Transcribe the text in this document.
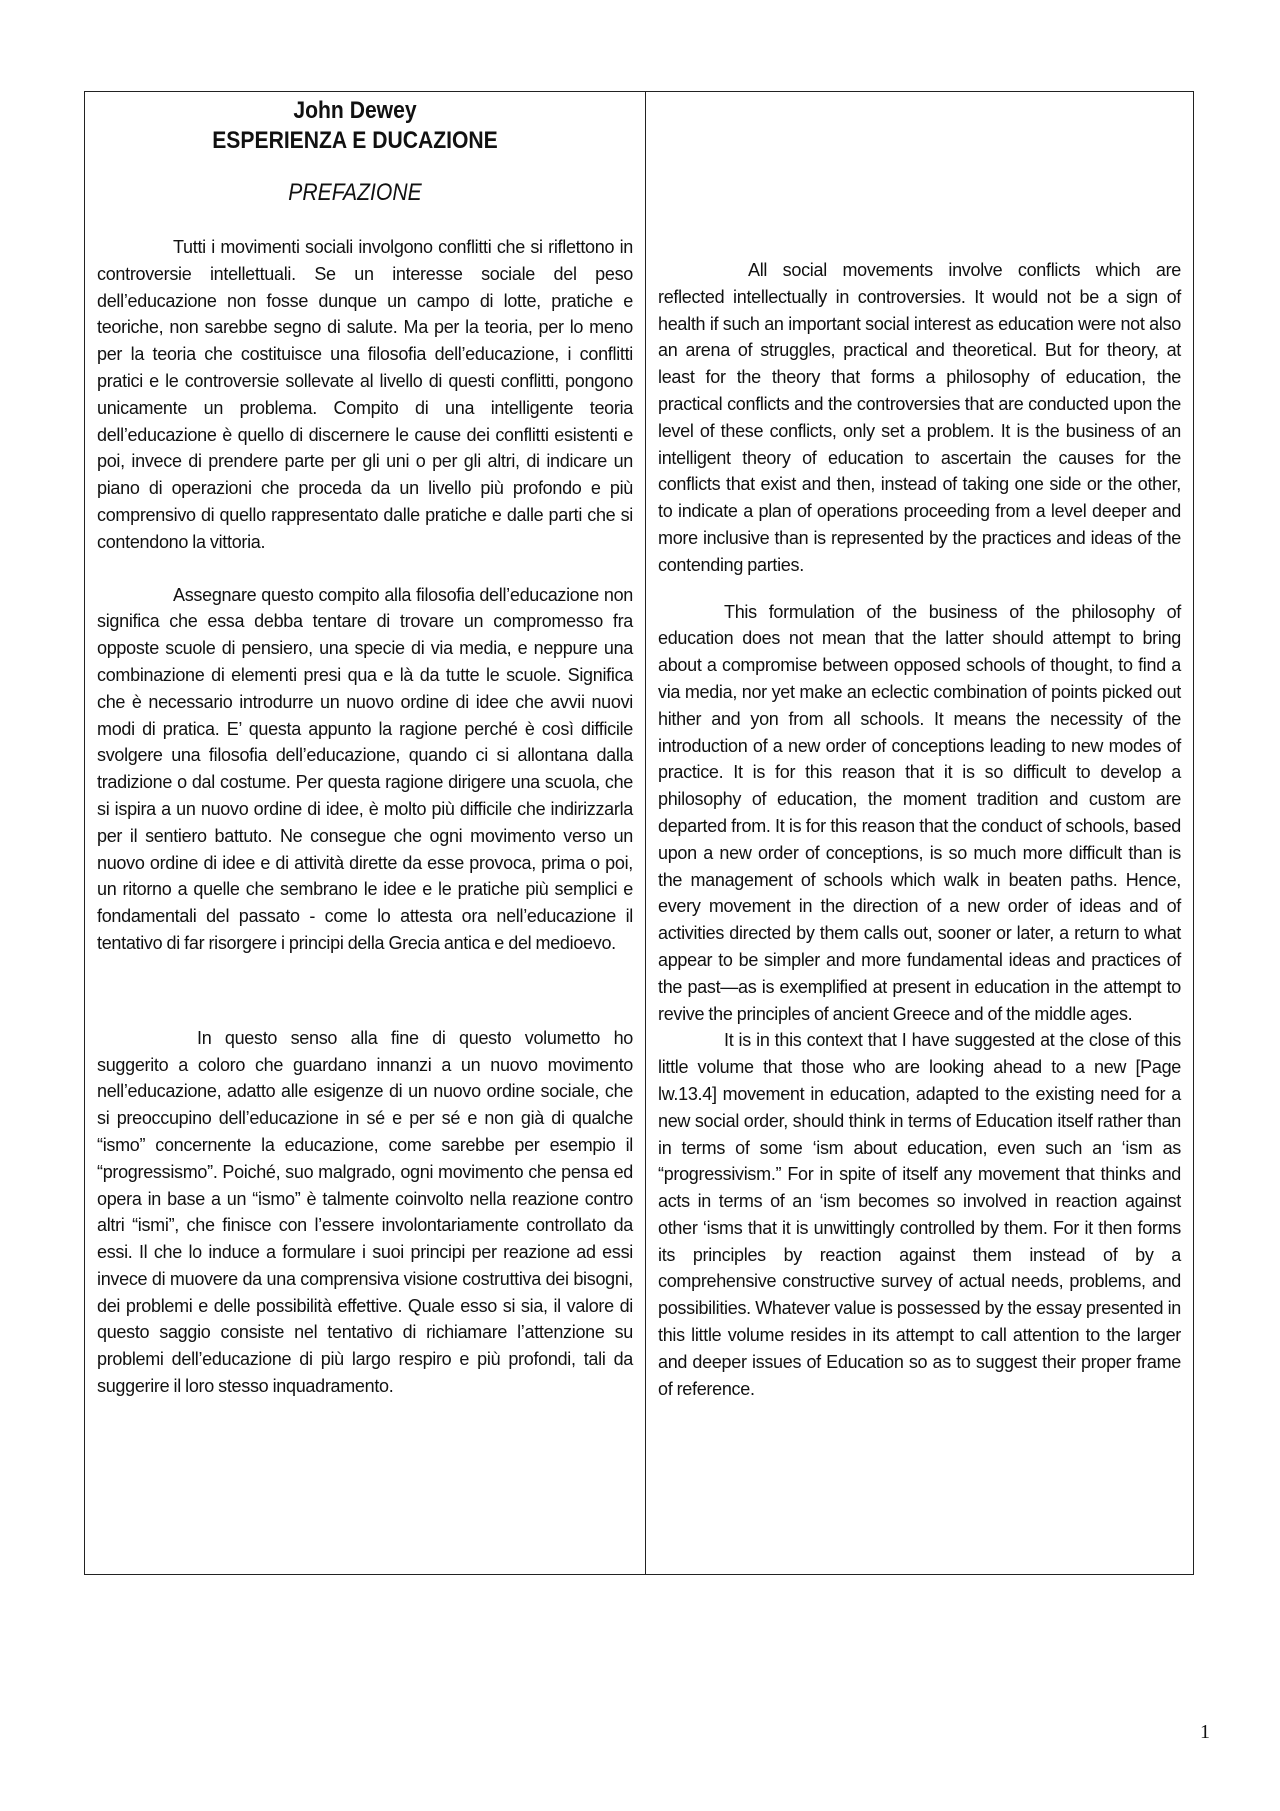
John Dewey
ESPERIENZA E DUCAZIONE
PREFAZIONE

Tutti i movimenti sociali involgono conflitti che si riflettono in controversie intellettuali. Se un interesse sociale del peso dell’educazione non fosse dunque un campo di lotte, pratiche e teoriche, non sarebbe segno di salute. Ma per la teoria, per lo meno per la teoria che costituisce una filosofia dell’educazione, i conflitti pratici e le controversie sollevate al livello di questi conflitti, pongono unicamente un problema. Compito di una intelligente teoria dell’educazione è quello di discernere le cause dei conflitti esistenti e poi, invece di prendere parte per gli uni o per gli altri, di indicare un piano di operazioni che proceda da un livello più profondo e più comprensivo di quello rappresentato dalle pratiche e dalle parti che si contendono la vittoria.

Assegnare questo compito alla filosofia dell’educazione non significa che essa debba tentare di trovare un compromesso fra opposte scuole di pensiero, una specie di via media, e neppure una combinazione di elementi presi qua e là da tutte le scuole. Significa che è necessario introdurre un nuovo ordine di idee che avvii nuovi modi di pratica. E’ questa appunto la ragione perché è così difficile svolgere una filosofia dell’educazione, quando ci si allontana dalla tradizione o dal costume. Per questa ragione dirigere una scuola, che si ispira a un nuovo ordine di idee, è molto più difficile che indirizzarla per il sentiero battuto. Ne consegue che ogni movimento verso un nuovo ordine di idee e di attività dirette da esse provoca, prima o poi, un ritorno a quelle che sembrano le idee e le pratiche più semplici e fondamentali del passato - come lo attesta ora nell’educazione il tentativo di far risorgere i principi della Grecia antica e del medioevo.

In questo senso alla fine di questo volumetto ho suggerito a coloro che guardano innanzi a un nuovo movimento nell’educazione, adatto alle esigenze di un nuovo ordine sociale, che si preoccupino dell’educazione in sé e per sé e non già di qualche “ismo” concernente la educazione, come sarebbe per esempio il “progressismo”. Poiché, suo malgrado, ogni movimento che pensa ed opera in base a un “ismo” è talmente coinvolto nella reazione contro altri “ismi”, che finisce con l’essere involontariamente controllato da essi. Il che lo induce a formulare i suoi principi per reazione ad essi invece di muovere da una comprensiva visione costruttiva dei bisogni, dei problemi e delle possibilità effettive. Quale esso si sia, il valore di questo saggio consiste nel tentativo di richiamare l’attenzione su problemi dell’educazione di più largo respiro e più profondi, tali da suggerire il loro stesso inquadramento.

All social movements involve conflicts which are reflected intellectually in controversies. It would not be a sign of health if such an important social interest as education were not also an arena of struggles, practical and theoretical. But for theory, at least for the theory that forms a philosophy of education, the practical conflicts and the controversies that are conducted upon the level of these conflicts, only set a problem. It is the business of an intelligent theory of education to ascertain the causes for the conflicts that exist and then, instead of taking one side or the other, to indicate a plan of operations proceeding from a level deeper and more inclusive than is represented by the practices and ideas of the contending parties.

This formulation of the business of the philosophy of education does not mean that the latter should attempt to bring about a compromise between opposed schools of thought, to find a via media, nor yet make an eclectic combination of points picked out hither and yon from all schools. It means the necessity of the introduction of a new order of conceptions leading to new modes of practice. It is for this reason that it is so difficult to develop a philosophy of education, the moment tradition and custom are departed from. It is for this reason that the conduct of schools, based upon a new order of conceptions, is so much more difficult than is the management of schools which walk in beaten paths. Hence, every movement in the direction of a new order of ideas and of activities directed by them calls out, sooner or later, a return to what appear to be simpler and more fundamental ideas and practices of the past—as is exemplified at present in education in the attempt to revive the principles of ancient Greece and of the middle ages.

It is in this context that I have suggested at the close of this little volume that those who are looking ahead to a new [Page lw.13.4] movement in education, adapted to the existing need for a new social order, should think in terms of Education itself rather than in terms of some ‘ism about education, even such an ‘ism as “progressivism.” For in spite of itself any movement that thinks and acts in terms of an ‘ism becomes so involved in reaction against other ‘isms that it is unwittingly controlled by them. For it then forms its principles by reaction against them instead of by a comprehensive constructive survey of actual needs, problems, and possibilities. Whatever value is possessed by the essay presented in this little volume resides in its attempt to call attention to the larger and deeper issues of Education so as to suggest their proper frame of reference.

1
